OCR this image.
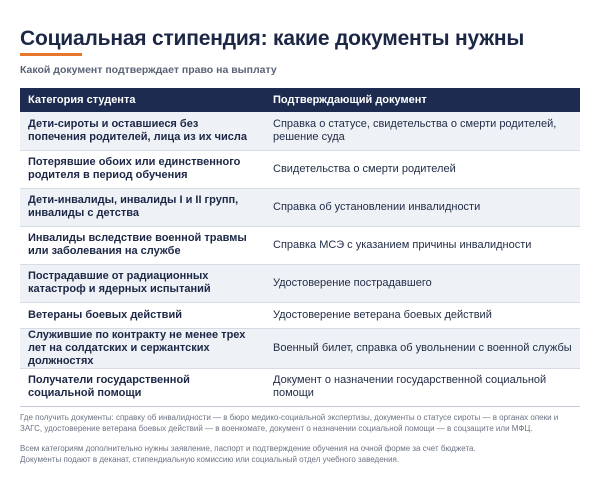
Социальная стипендия: какие документы нужны
Какой документ подтверждает право на выплату
Категория студента	Подтверждающий документ
Дети-сироты и оставшиеся без попечения родителей, лица из их числа	Справка о статусе, свидетельства о смерти родителей, решение суда
Потерявшие обоих или единственного родителя в период обучения	Свидетельства о смерти родителей
Дети-инвалиды, инвалиды I и II групп, инвалиды с детства	Справка об установлении инвалидности
Инвалиды вследствие военной травмы или заболевания на службе	Справка МСЭ с указанием причины инвалидности
Пострадавшие от радиационных катастроф и ядерных испытаний	Удостоверение пострадавшего
Ветераны боевых действий	Удостоверение ветерана боевых действий
Служившие по контракту не менее трех лет на солдатских и сержантских должностях	Военный билет, справка об увольнении с военной службы
Получатели государственной социальной помощи	Документ о назначении государственной социальной помощи
Где получить документы: справку об инвалидности — в бюро медико-социальной экспертизы, документы о статусе сироты — в органах опеки и ЗАГС, удостоверение ветерана боевых действий — в военкомате, документ о назначении социальной помощи — в соцзащите или МФЦ.
Всем категориям дополнительно нужны заявление, паспорт и подтверждение обучения на очной форме за счет бюджета.
Документы подают в деканат, стипендиальную комиссию или социальный отдел учебного заведения.
